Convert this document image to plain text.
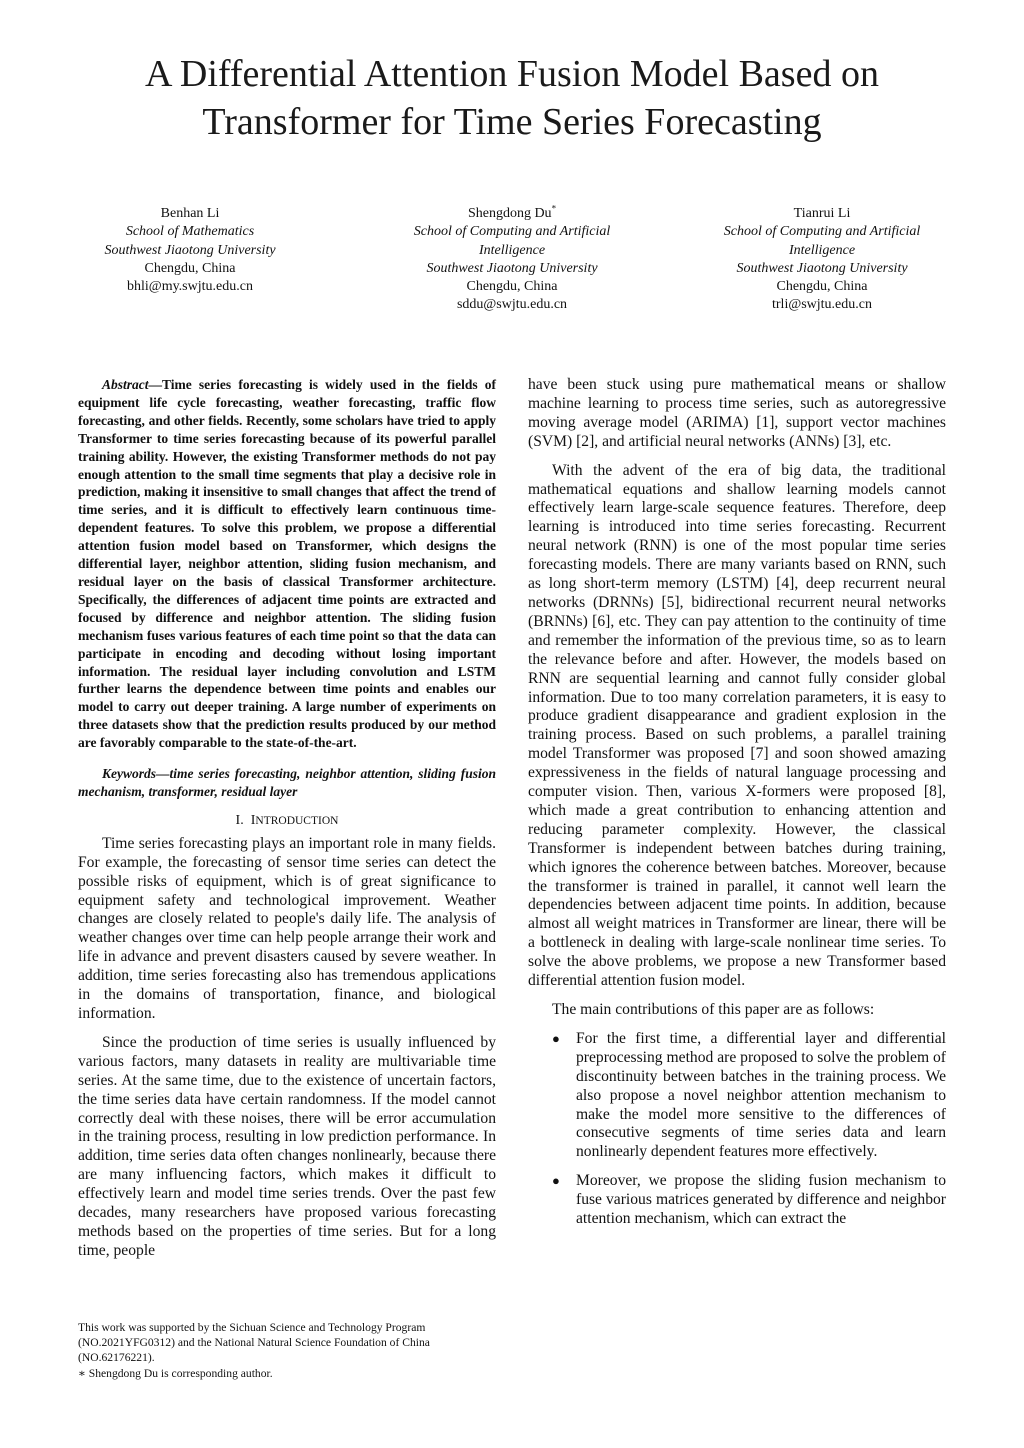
A Differential Attention Fusion Model Based on
Transformer for Time Series Forecasting
Benhan Li
School of Mathematics
Southwest Jiaotong University
Chengdu, China
bhli@my.swjtu.edu.cn
Shengdong Du*
School of Computing and Artificial
Intelligence
Southwest Jiaotong University
Chengdu, China
sddu@swjtu.edu.cn
Tianrui Li
School of Computing and Artificial
Intelligence
Southwest Jiaotong University
Chengdu, China
trli@swjtu.edu.cn

Abstract—Time series forecasting is widely used in the fields of equipment life cycle forecasting, weather forecasting, traffic flow forecasting, and other fields. Recently, some scholars have tried to apply Transformer to time series forecasting because of its powerful parallel training ability. However, the existing Transformer methods do not pay enough attention to the small time segments that play a decisive role in prediction, making it insensitive to small changes that affect the trend of time series, and it is difficult to effectively learn continuous time-dependent features. To solve this problem, we propose a differential attention fusion model based on Transformer, which designs the differential layer, neighbor attention, sliding fusion mechanism, and residual layer on the basis of classical Transformer architecture. Specifically, the differences of adjacent time points are extracted and focused by difference and neighbor attention. The sliding fusion mechanism fuses various features of each time point so that the data can participate in encoding and decoding without losing important information. The residual layer including convolution and LSTM further learns the dependence between time points and enables our model to carry out deeper training. A large number of experiments on three datasets show that the prediction results produced by our method are favorably comparable to the state-of-the-art.

Keywords—time series forecasting, neighbor attention, sliding fusion mechanism, transformer, residual layer

I. INTRODUCTION

Time series forecasting plays an important role in many fields. For example, the forecasting of sensor time series can detect the possible risks of equipment, which is of great significance to equipment safety and technological improvement. Weather changes are closely related to people's daily life. The analysis of weather changes over time can help people arrange their work and life in advance and prevent disasters caused by severe weather. In addition, time series forecasting also has tremendous applications in the domains of transportation, finance, and biological information.

Since the production of time series is usually influenced by various factors, many datasets in reality are multivariable time series. At the same time, due to the existence of uncertain factors, the time series data have certain randomness. If the model cannot correctly deal with these noises, there will be error accumulation in the training process, resulting in low prediction performance. In addition, time series data often changes nonlinearly, because there are many influencing factors, which makes it difficult to effectively learn and model time series trends. Over the past few decades, many researchers have proposed various forecasting methods based on the properties of time series. But for a long time, people

have been stuck using pure mathematical means or shallow machine learning to process time series, such as autoregressive moving average model (ARIMA) [1], support vector machines (SVM) [2], and artificial neural networks (ANNs) [3], etc.

With the advent of the era of big data, the traditional mathematical equations and shallow learning models cannot effectively learn large-scale sequence features. Therefore, deep learning is introduced into time series forecasting. Recurrent neural network (RNN) is one of the most popular time series forecasting models. There are many variants based on RNN, such as long short-term memory (LSTM) [4], deep recurrent neural networks (DRNNs) [5], bidirectional recurrent neural networks (BRNNs) [6], etc. They can pay attention to the continuity of time and remember the information of the previous time, so as to learn the relevance before and after. However, the models based on RNN are sequential learning and cannot fully consider global information. Due to too many correlation parameters, it is easy to produce gradient disappearance and gradient explosion in the training process. Based on such problems, a parallel training model Transformer was proposed [7] and soon showed amazing expressiveness in the fields of natural language processing and computer vision. Then, various X-formers were proposed [8], which made a great contribution to enhancing attention and reducing parameter complexity. However, the classical Transformer is independent between batches during training, which ignores the coherence between batches. Moreover, because the transformer is trained in parallel, it cannot well learn the dependencies between adjacent time points. In addition, because almost all weight matrices in Transformer are linear, there will be a bottleneck in dealing with large-scale nonlinear time series. To solve the above problems, we propose a new Transformer based differential attention fusion model.

The main contributions of this paper are as follows:

● For the first time, a differential layer and differential preprocessing method are proposed to solve the problem of discontinuity between batches in the training process. We also propose a novel neighbor attention mechanism to make the model more sensitive to the differences of consecutive segments of time series data and learn nonlinearly dependent features more effectively.
● Moreover, we propose the sliding fusion mechanism to fuse various matrices generated by difference and neighbor attention mechanism, which can extract the

This work was supported by the Sichuan Science and Technology Program (NO.2021YFG0312) and the National Natural Science Foundation of China (NO.62176221).

∗ Shengdong Du is corresponding author.
